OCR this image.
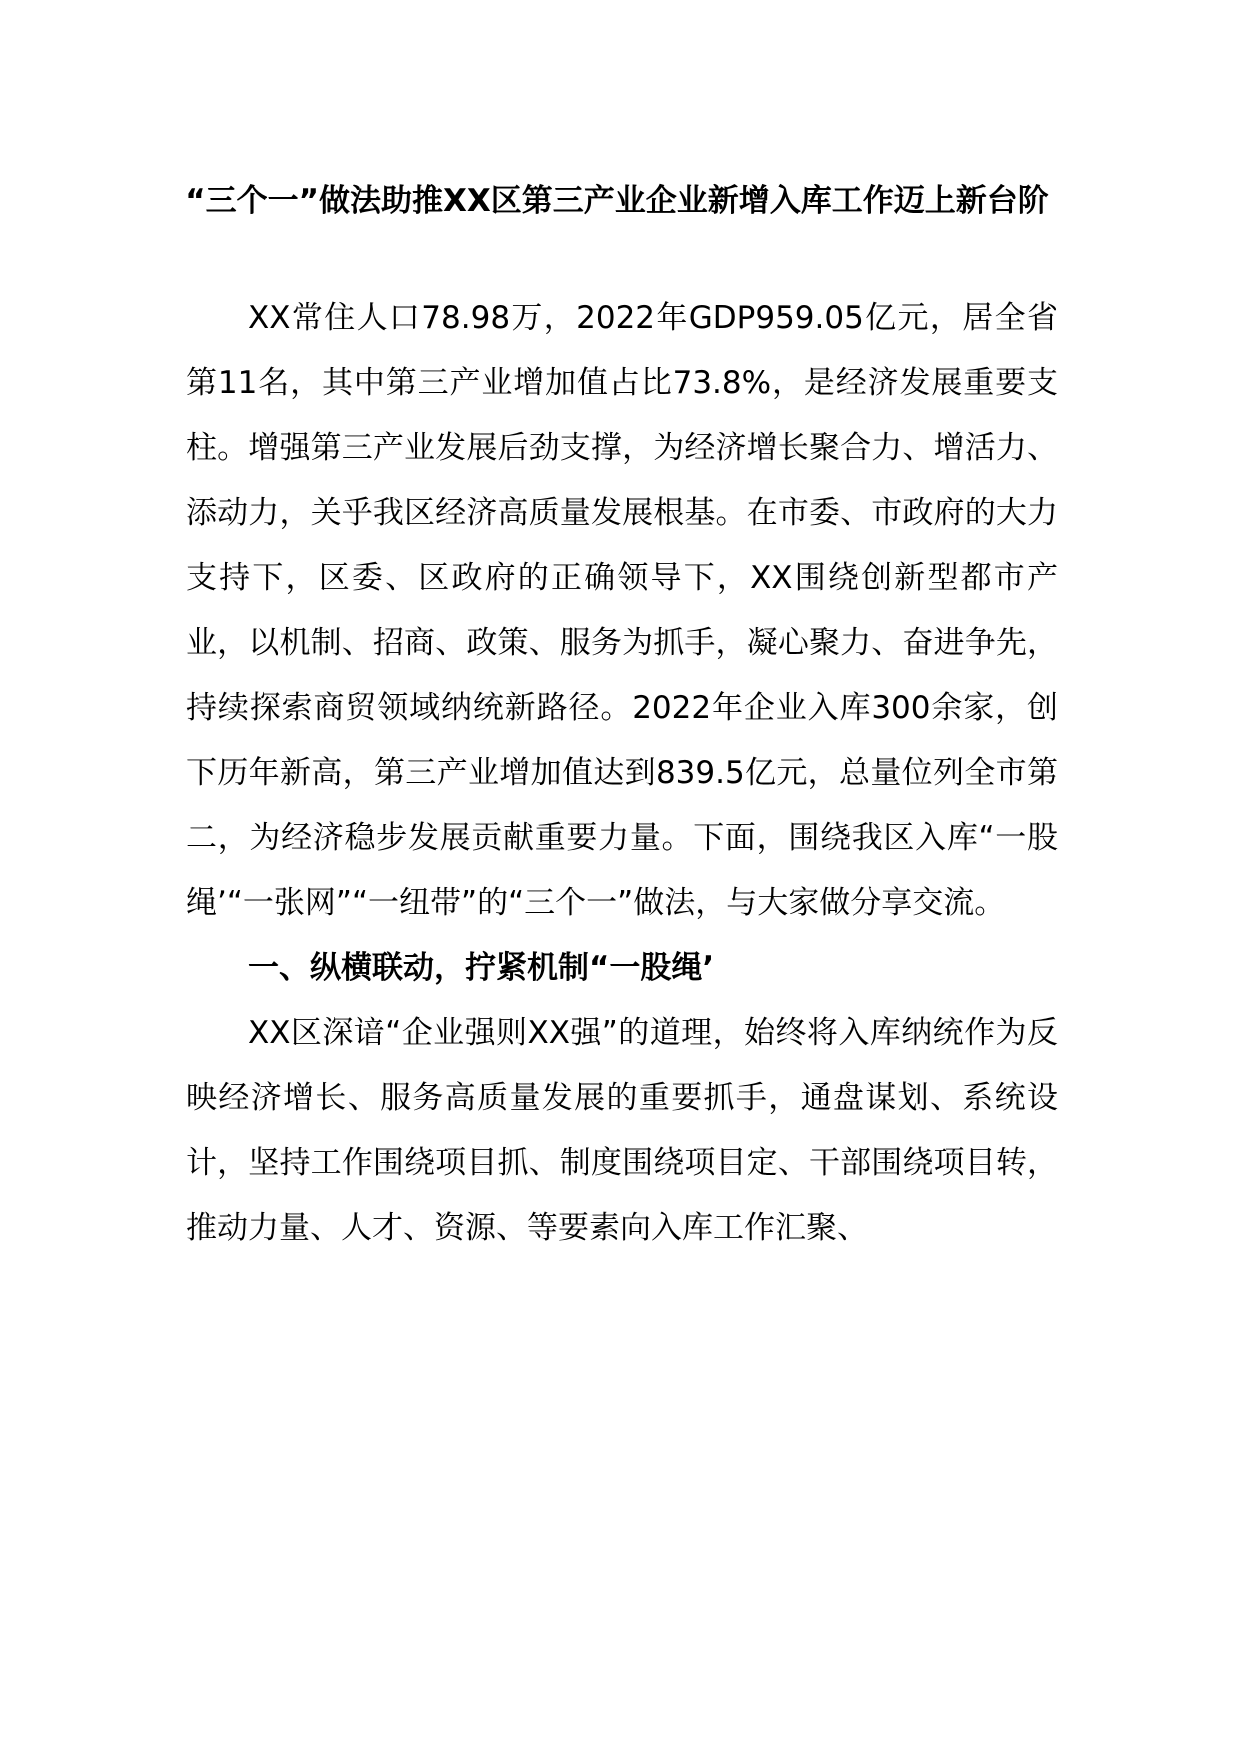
“三个一”做法助推XX区第三产业企业新增入库工作迈上新台阶

XX常住人口78.98万，2022年GDP959.05亿元，居全省第11名，其中第三产业增加值占比73.8%，是经济发展重要支柱。增强第三产业发展后劲支撑，为经济增长聚合力、增活力、添动力，关乎我区经济高质量发展根基。在市委、市政府的大力支持下，区委、区政府的正确领导下，XX围绕创新型都市产业，以机制、招商、政策、服务为抓手，凝心聚力、奋进争先，持续探索商贸领域纳统新路径。2022年企业入库300余家，创下历年新高，第三产业增加值达到839.5亿元，总量位列全市第二，为经济稳步发展贡献重要力量。下面，围绕我区入库“一股绳’“一张网”“一纽带”的“三个一”做法，与大家做分享交流。

一、纵横联动，拧紧机制“一股绳’

XX区深谙“企业强则XX强”的道理，始终将入库纳统作为反映经济增长、服务高质量发展的重要抓手，通盘谋划、系统设计，坚持工作围绕项目抓、制度围绕项目定、干部围绕项目转，推动力量、人才、资源、等要素向入库工作汇聚、
